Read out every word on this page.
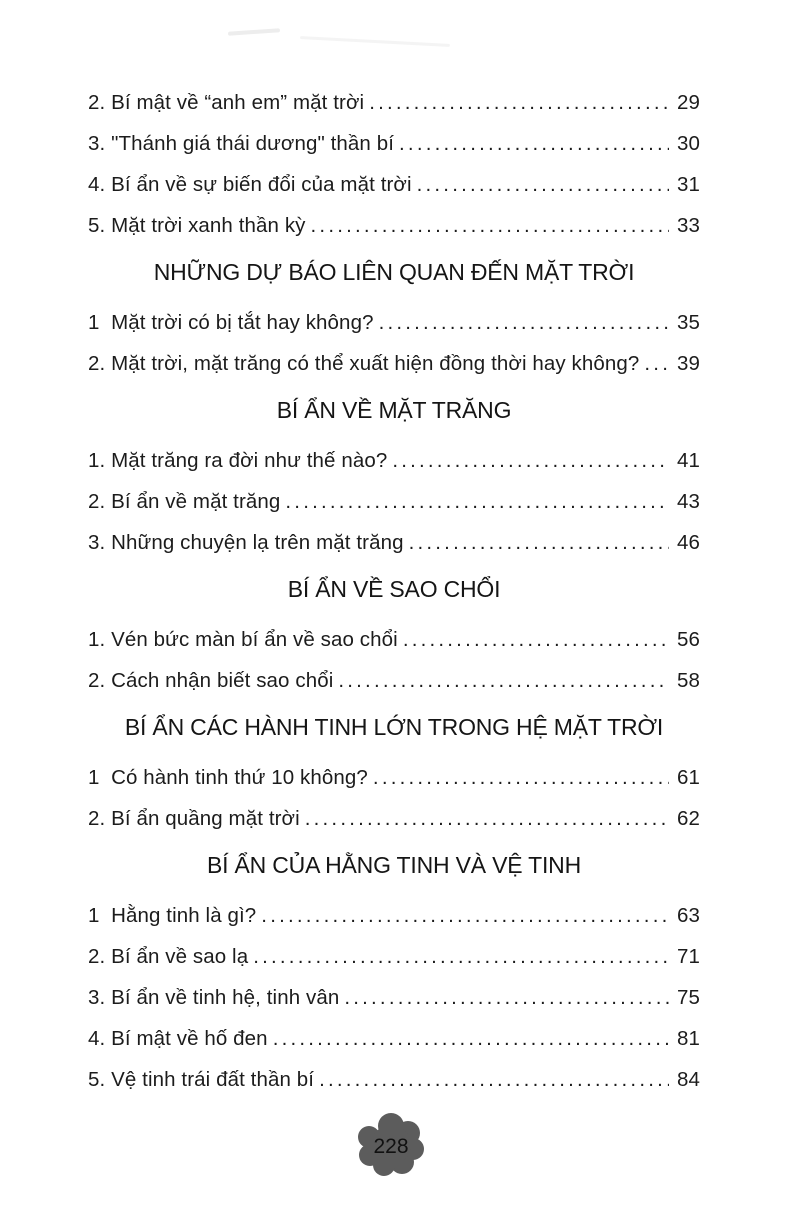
2. Bí mật về “anh em” mặt trời .....	29
3. "Thánh giá thái dương" thần bí .....	30
4. Bí ẩn về sự biến đổi của mặt trời .....	31
5. Mặt trời xanh thần kỳ .....	33
NHỮNG DỰ BÁO LIÊN QUAN ĐẾN MẶT TRỜI
1  Mặt trời có bị tắt hay không? .....	35
2. Mặt trời, mặt trăng có thể xuất hiện đồng thời hay không? ..... 39
BÍ ẨN VỀ MẶT TRĂNG
1. Mặt trăng ra đời như thế nào? .....	41
2. Bí ẩn về mặt trăng .....	43
3. Những chuyện lạ trên mặt trăng .....	46
BÍ ẨN VỀ SAO CHỔI
1. Vén bức màn bí ẩn về sao chổi .....	56
2. Cách nhận biết sao chổi .....	58
BÍ ẨN CÁC HÀNH TINH LỚN TRONG HỆ MẶT TRỜI
1  Có hành tinh thứ 10 không? .....	61
2. Bí ẩn quầng mặt trời .....	62
BÍ ẨN CỦA HẰNG TINH VÀ VỆ TINH
1  Hằng tinh là gì? .....	63
2. Bí ẩn về sao lạ .....	71
3. Bí ẩn về tinh hệ, tinh vân .....	75
4. Bí mật về hố đen .....	81
5. Vệ tinh trái đất thần bí .....	84
228
